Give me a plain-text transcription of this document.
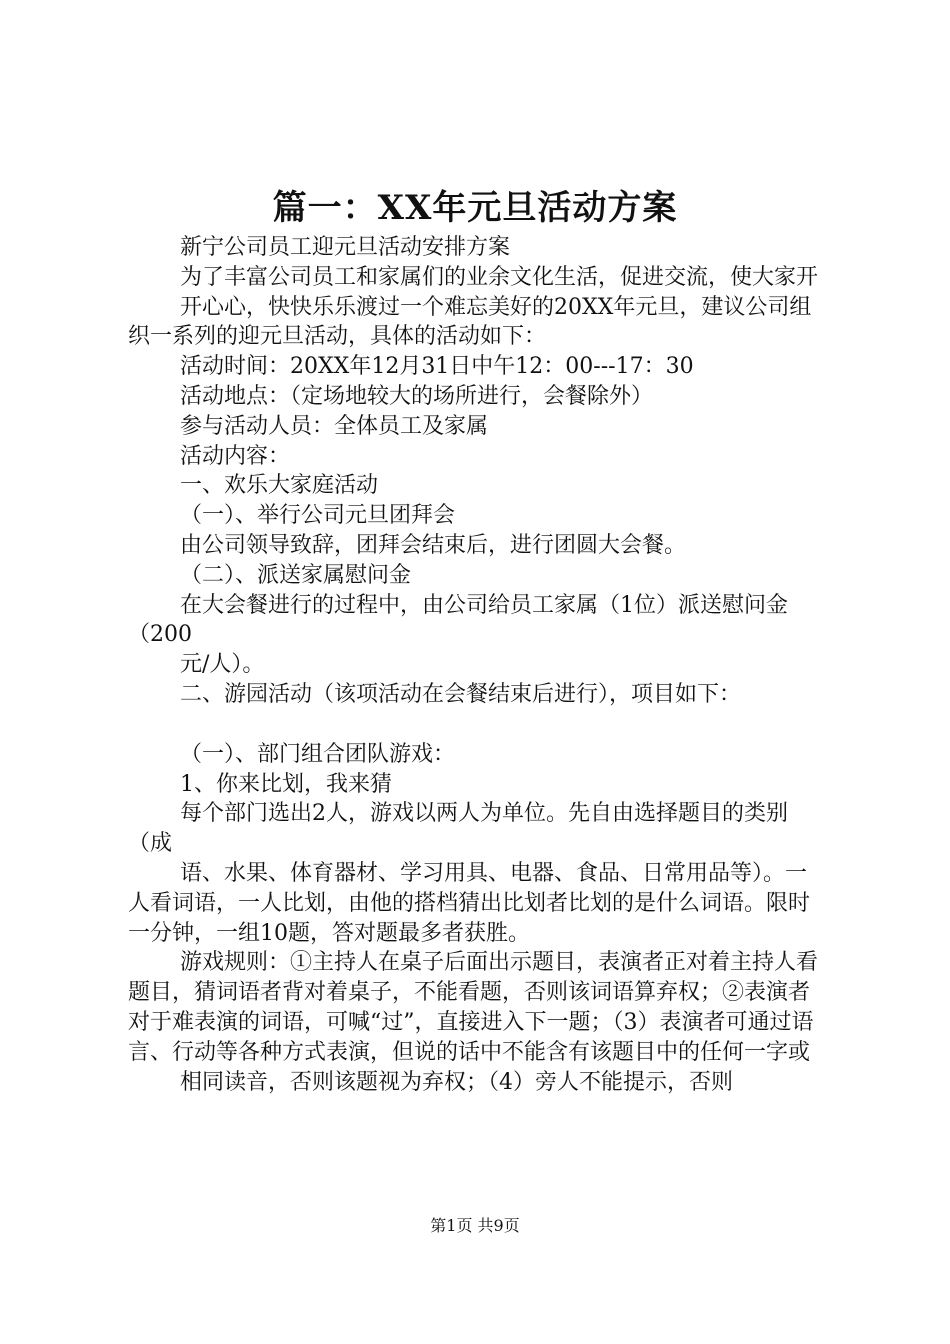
篇一：XX年元旦活动方案

新宁公司员工迎元旦活动安排方案

为了丰富公司员工和家属们的业余文化生活，促进交流，使大家开

开心心，快快乐乐渡过一个难忘美好的20XX年元旦，建议公司组织一系列的迎元旦活动，具体的活动如下：

活动时间：20XX年12月31日中午12：00---17：30

活动地点：（定场地较大的场所进行，会餐除外）

参与活动人员：全体员工及家属

活动内容：

一、欢乐大家庭活动

（一）、举行公司元旦团拜会

由公司领导致辞，团拜会结束后，进行团圆大会餐。

（二）、派送家属慰问金

在大会餐进行的过程中，由公司给员工家属（1位）派送慰问金（200

元/人）。

二、游园活动（该项活动在会餐结束后进行），项目如下：

（一）、部门组合团队游戏：

1、你来比划，我来猜

每个部门选出2人，游戏以两人为单位。先自由选择题目的类别（成

语、水果、体育器材、学习用具、电器、食品、日常用品等）。一人看词语，一人比划，由他的搭档猜出比划者比划的是什么词语。限时一分钟，一组10题，答对题最多者获胜。

游戏规则：①主持人在桌子后面出示题目，表演者正对着主持人看题目，猜词语者背对着桌子，不能看题，否则该词语算弃权；②表演者对于难表演的词语，可喊“过”，直接进入下一题；（3）表演者可通过语言、行动等各种方式表演，但说的话中不能含有该题目中的任何一字或

相同读音，否则该题视为弃权；（4）旁人不能提示，否则

第1页 共9页
